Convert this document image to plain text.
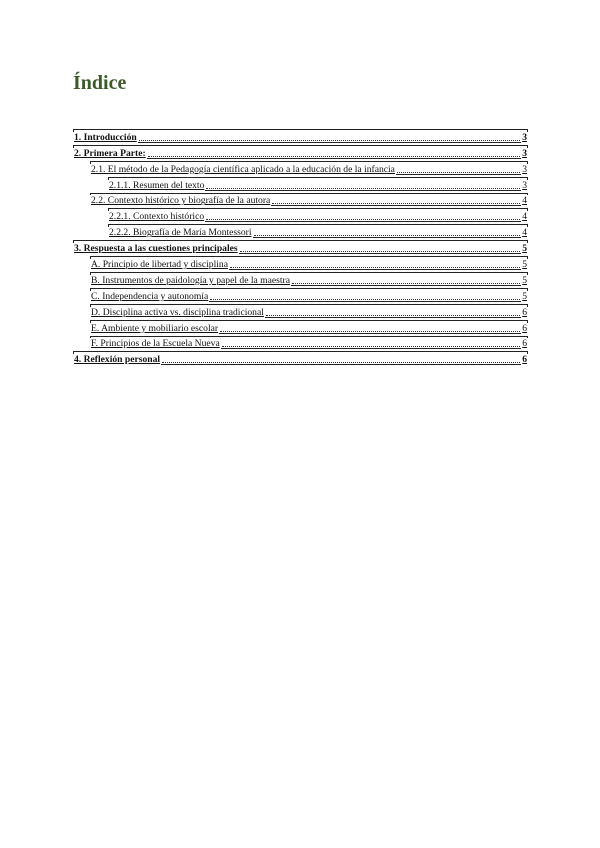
Índice
1. Introducción	3
2. Primera Parte:	3
2.1. El método de la Pedagogía científica aplicado a la educación de la infancia	3
2.1.1. Resumen del texto	3
2.2. Contexto histórico y biografía de la autora	4
2.2.1. Contexto histórico	4
2.2.2. Biografía de María Montessori	4
3. Respuesta a las cuestiones principales	5
A. Principio de libertad y disciplina	5
B. Instrumentos de paidología y papel de la maestra	5
C. Independencia y autonomía	5
D. Disciplina activa vs. disciplina tradicional	6
E. Ambiente y mobiliario escolar	6
F. Principios de la Escuela Nueva	6
4. Reflexión personal	6
